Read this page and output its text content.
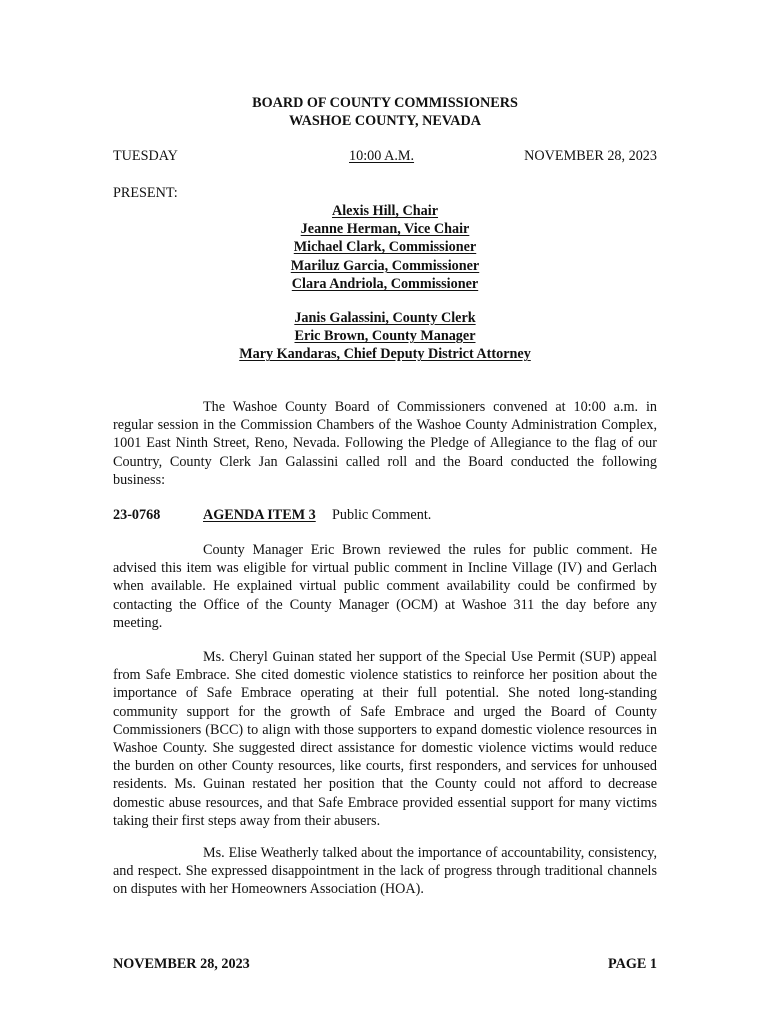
BOARD OF COUNTY COMMISSIONERS
WASHOE COUNTY, NEVADA
TUESDAY	10:00 A.M.	NOVEMBER 28, 2023
PRESENT:
Alexis Hill, Chair
Jeanne Herman, Vice Chair
Michael Clark, Commissioner
Mariluz Garcia, Commissioner
Clara Andriola, Commissioner
Janis Galassini, County Clerk
Eric Brown, County Manager
Mary Kandaras, Chief Deputy District Attorney

The Washoe County Board of Commissioners convened at 10:00 a.m. in regular session in the Commission Chambers of the Washoe County Administration Complex, 1001 East Ninth Street, Reno, Nevada. Following the Pledge of Allegiance to the flag of our Country, County Clerk Jan Galassini called roll and the Board conducted the following business:

23-0768	AGENDA ITEM 3 Public Comment.

County Manager Eric Brown reviewed the rules for public comment. He advised this item was eligible for virtual public comment in Incline Village (IV) and Gerlach when available. He explained virtual public comment availability could be confirmed by contacting the Office of the County Manager (OCM) at Washoe 311 the day before any meeting.

Ms. Cheryl Guinan stated her support of the Special Use Permit (SUP) appeal from Safe Embrace. She cited domestic violence statistics to reinforce her position about the importance of Safe Embrace operating at their full potential. She noted long-standing community support for the growth of Safe Embrace and urged the Board of County Commissioners (BCC) to align with those supporters to expand domestic violence resources in Washoe County. She suggested direct assistance for domestic violence victims would reduce the burden on other County resources, like courts, first responders, and services for unhoused residents. Ms. Guinan restated her position that the County could not afford to decrease domestic abuse resources, and that Safe Embrace provided essential support for many victims taking their first steps away from their abusers.

Ms. Elise Weatherly talked about the importance of accountability, consistency, and respect. She expressed disappointment in the lack of progress through traditional channels on disputes with her Homeowners Association (HOA).

NOVEMBER 28, 2023	PAGE 1
